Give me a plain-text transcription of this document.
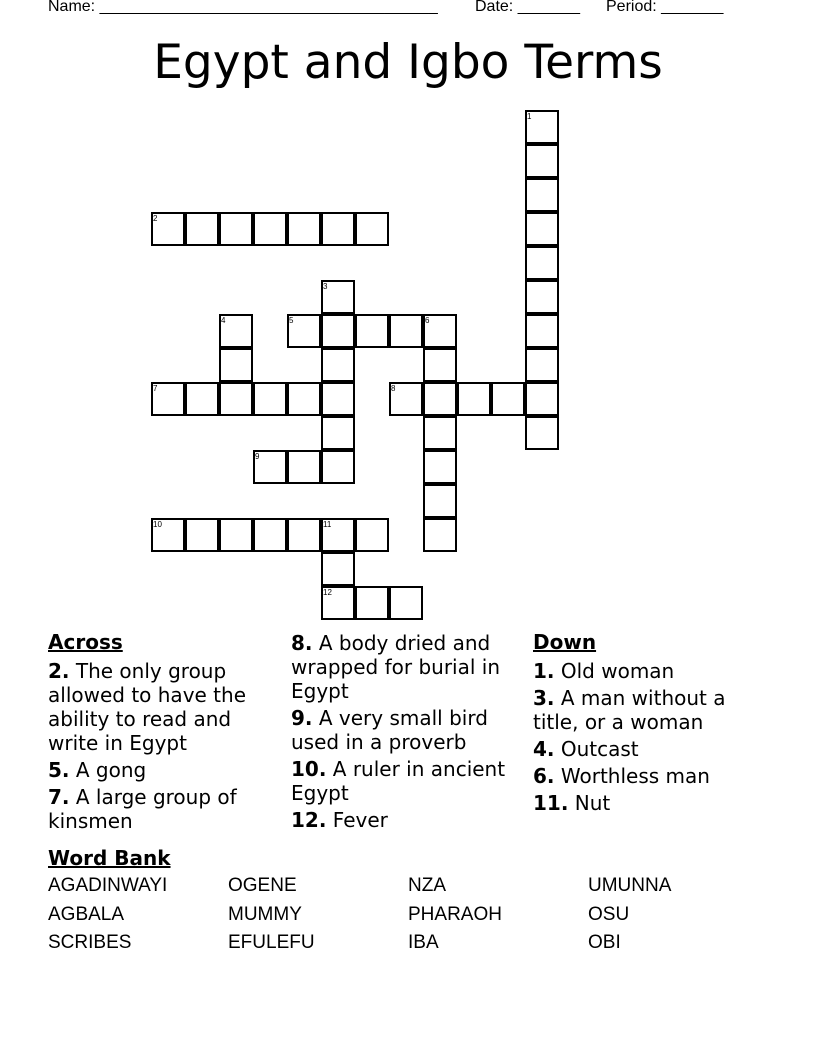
Name: ______________________________________ Date: _______ Period: _______
Egypt and Igbo Terms
1
2
3
4	5	6
7	8
9
10	11
12
Across
2. The only group allowed to have the ability to read and write in Egypt
5. A gong
7. A large group of kinsmen
8. A body dried and wrapped for burial in Egypt
9. A very small bird used in a proverb
10. A ruler in ancient Egypt
12. Fever
Down
1. Old woman
3. A man without a title, or a woman
4. Outcast
6. Worthless man
11. Nut
Word Bank
AGADINWAYI	OGENE	NZA	UMUNNA
AGBALA	MUMMY	PHARAOH	OSU
SCRIBES	EFULEFU	IBA	OBI
